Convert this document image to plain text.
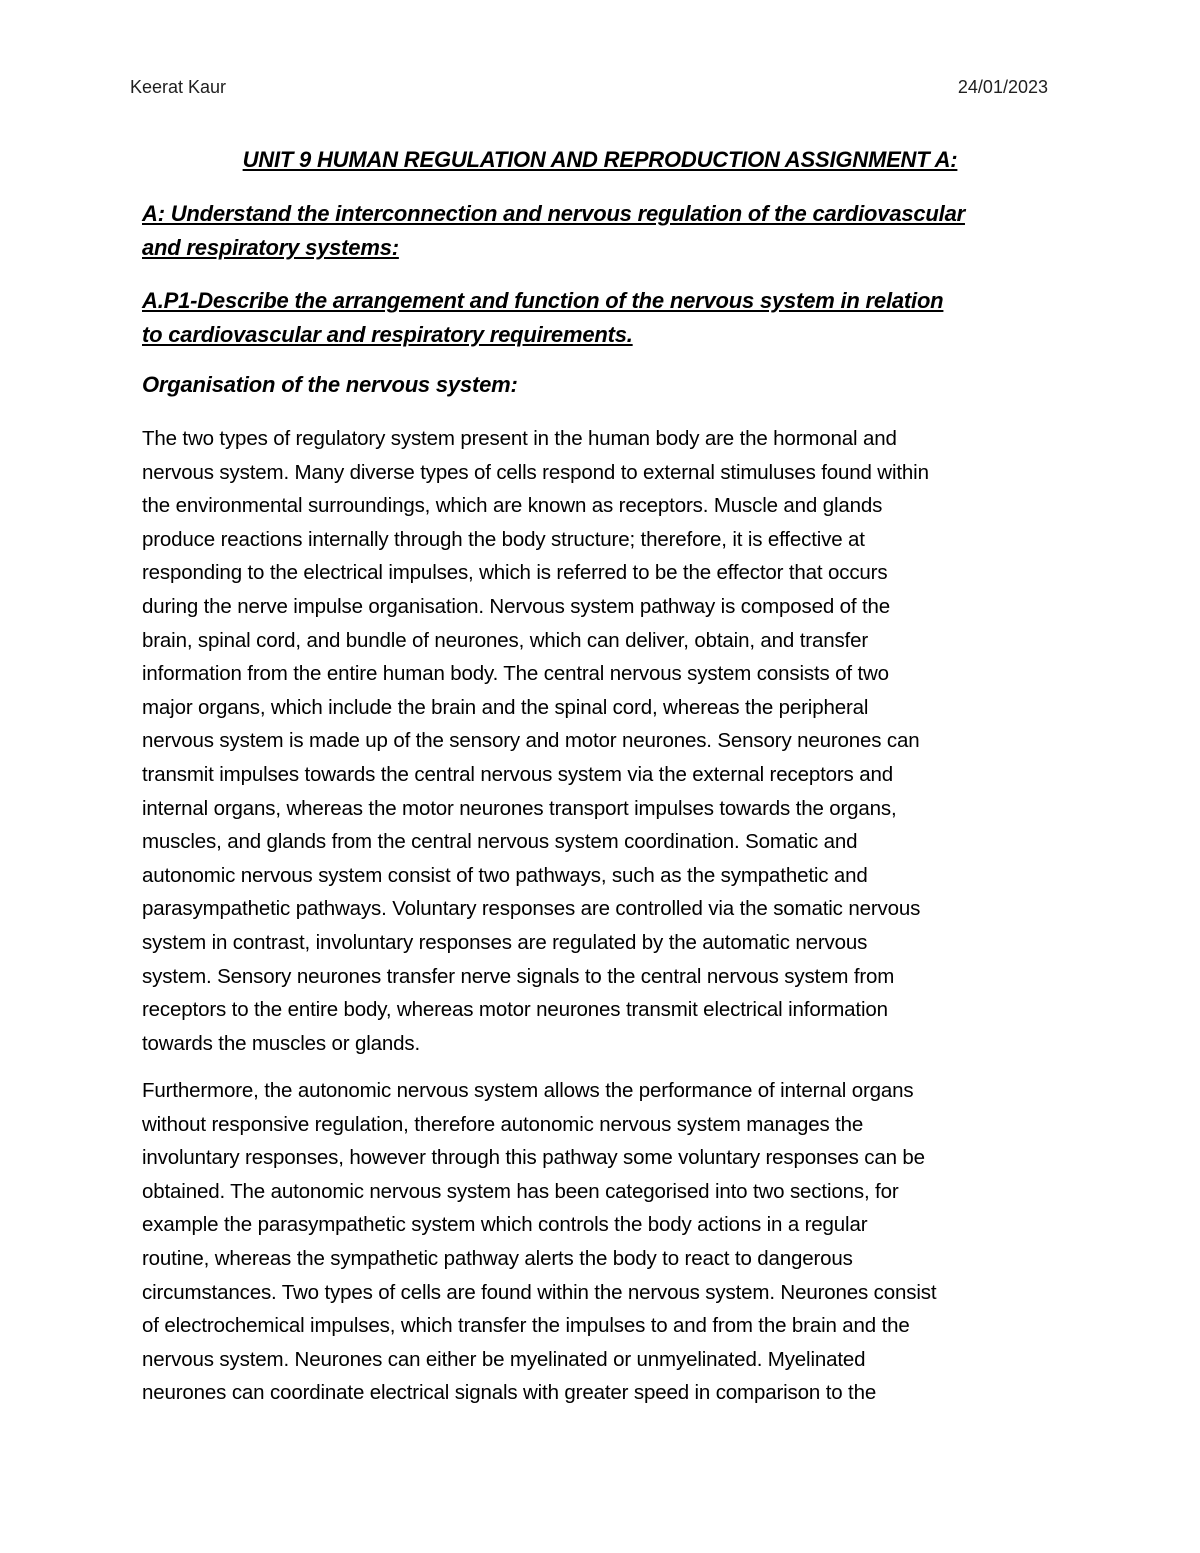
Keerat Kaur	24/01/2023
UNIT 9 HUMAN REGULATION AND REPRODUCTION ASSIGNMENT A:
A: Understand the interconnection and nervous regulation of the cardiovascular
and respiratory systems:
A.P1-Describe the arrangement and function of the nervous system in relation
to cardiovascular and respiratory requirements.
Organisation of the nervous system:
The two types of regulatory system present in the human body are the hormonal and
nervous system. Many diverse types of cells respond to external stimuluses found within
the environmental surroundings, which are known as receptors. Muscle and glands
produce reactions internally through the body structure; therefore, it is effective at
responding to the electrical impulses, which is referred to be the effector that occurs
during the nerve impulse organisation. Nervous system pathway is composed of the
brain, spinal cord, and bundle of neurones, which can deliver, obtain, and transfer
information from the entire human body. The central nervous system consists of two
major organs, which include the brain and the spinal cord, whereas the peripheral
nervous system is made up of the sensory and motor neurones. Sensory neurones can
transmit impulses towards the central nervous system via the external receptors and
internal organs, whereas the motor neurones transport impulses towards the organs,
muscles, and glands from the central nervous system coordination. Somatic and
autonomic nervous system consist of two pathways, such as the sympathetic and
parasympathetic pathways. Voluntary responses are controlled via the somatic nervous
system in contrast, involuntary responses are regulated by the automatic nervous
system. Sensory neurones transfer nerve signals to the central nervous system from
receptors to the entire body, whereas motor neurones transmit electrical information
towards the muscles or glands.
Furthermore, the autonomic nervous system allows the performance of internal organs
without responsive regulation, therefore autonomic nervous system manages the
involuntary responses, however through this pathway some voluntary responses can be
obtained. The autonomic nervous system has been categorised into two sections, for
example the parasympathetic system which controls the body actions in a regular
routine, whereas the sympathetic pathway alerts the body to react to dangerous
circumstances. Two types of cells are found within the nervous system. Neurones consist
of electrochemical impulses, which transfer the impulses to and from the brain and the
nervous system. Neurones can either be myelinated or unmyelinated. Myelinated
neurones can coordinate electrical signals with greater speed in comparison to the
